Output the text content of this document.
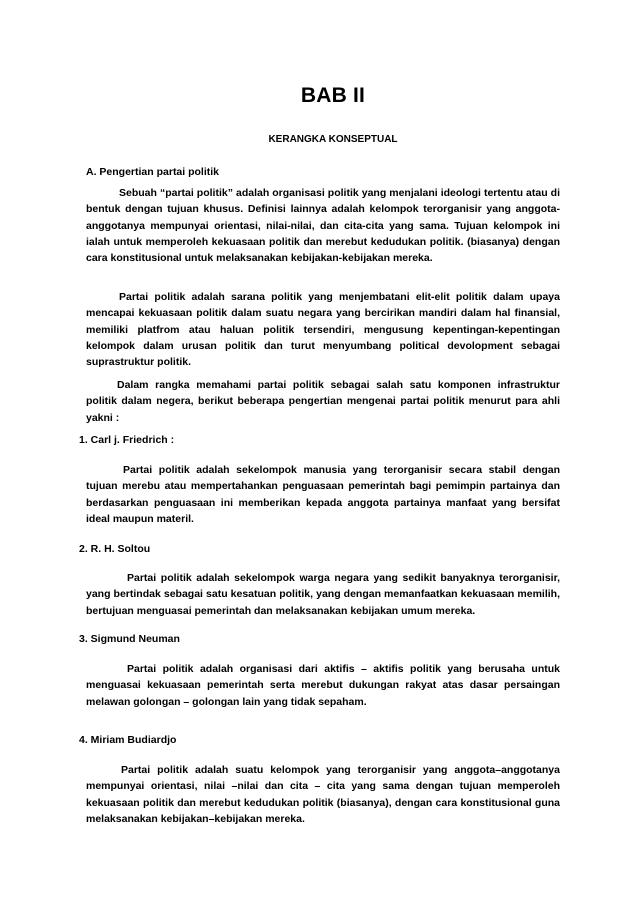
BAB II
KERANGKA KONSEPTUAL
A. Pengertian partai politik

Sebuah “partai politik” adalah organisasi politik yang menjalani ideologi tertentu atau di bentuk dengan tujuan khusus. Definisi lainnya adalah kelompok terorganisir yang anggota-anggotanya mempunyai orientasi, nilai-nilai, dan cita-cita yang sama. Tujuan kelompok ini ialah untuk memperoleh kekuasaan politik dan merebut kedudukan politik. (biasanya) dengan cara konstitusional untuk melaksanakan kebijakan-kebijakan mereka.

Partai politik adalah sarana politik yang menjembatani elit-elit politik dalam upaya mencapai kekuasaan politik dalam suatu negara yang bercirikan mandiri dalam hal finansial, memiliki platfrom atau haluan politik tersendiri, mengusung kepentingan-kepentingan kelompok dalam urusan politik dan turut menyumbang political devolopment sebagai suprastruktur politik.

Dalam rangka memahami partai politik sebagai salah satu komponen infrastruktur politik dalam negera, berikut beberapa pengertian mengenai partai politik menurut para ahli yakni :

1. Carl j. Friedrich :

Partai politik adalah sekelompok manusia yang terorganisir secara stabil dengan tujuan merebu atau mempertahankan penguasaan pemerintah bagi pemimpin partainya dan berdasarkan penguasaan ini memberikan kepada anggota partainya manfaat yang bersifat ideal maupun materil.

2. R. H. Soltou

Partai politik adalah sekelompok warga negara yang sedikit banyaknya terorganisir, yang bertindak sebagai satu kesatuan politik, yang dengan memanfaatkan kekuasaan memilih, bertujuan menguasai pemerintah dan melaksanakan kebijakan umum mereka.

3. Sigmund Neuman

Partai politik adalah organisasi dari aktifis – aktifis politik yang berusaha untuk menguasai kekuasaan pemerintah serta merebut dukungan rakyat atas dasar persaingan melawan golongan – golongan lain yang tidak sepaham.

4. Miriam Budiardjo

Partai politik adalah suatu kelompok yang terorganisir yang anggota–anggotanya mempunyai orientasi, nilai –nilai dan cita – cita yang sama dengan tujuan memperoleh kekuasaan politik dan merebut kedudukan politik (biasanya), dengan cara konstitusional guna melaksanakan kebijakan–kebijakan mereka.
